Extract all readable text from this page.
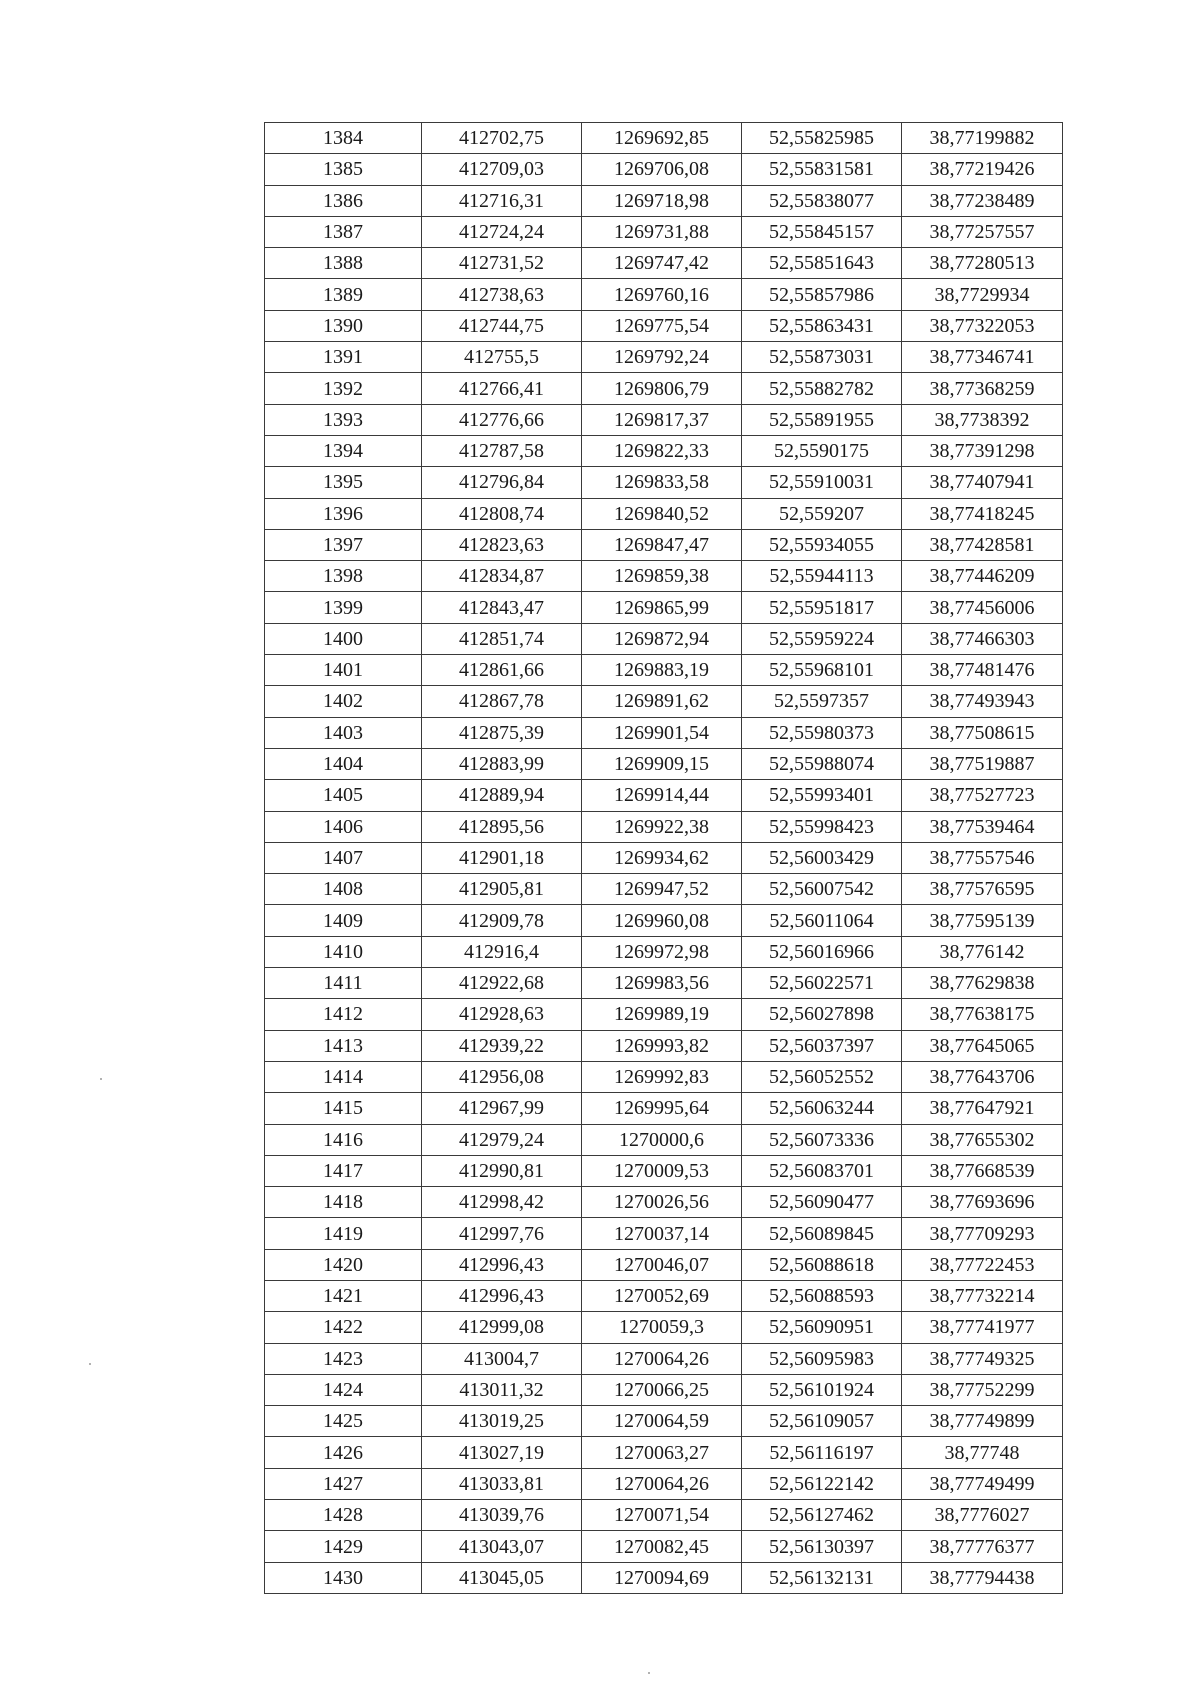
1384	412702,75	1269692,85	52,55825985	38,77199882
1385	412709,03	1269706,08	52,55831581	38,77219426
1386	412716,31	1269718,98	52,55838077	38,77238489
1387	412724,24	1269731,88	52,55845157	38,77257557
1388	412731,52	1269747,42	52,55851643	38,77280513
1389	412738,63	1269760,16	52,55857986	38,7729934
1390	412744,75	1269775,54	52,55863431	38,77322053
1391	412755,5	1269792,24	52,55873031	38,77346741
1392	412766,41	1269806,79	52,55882782	38,77368259
1393	412776,66	1269817,37	52,55891955	38,7738392
1394	412787,58	1269822,33	52,5590175	38,77391298
1395	412796,84	1269833,58	52,55910031	38,77407941
1396	412808,74	1269840,52	52,559207	38,77418245
1397	412823,63	1269847,47	52,55934055	38,77428581
1398	412834,87	1269859,38	52,55944113	38,77446209
1399	412843,47	1269865,99	52,55951817	38,77456006
1400	412851,74	1269872,94	52,55959224	38,77466303
1401	412861,66	1269883,19	52,55968101	38,77481476
1402	412867,78	1269891,62	52,5597357	38,77493943
1403	412875,39	1269901,54	52,55980373	38,77508615
1404	412883,99	1269909,15	52,55988074	38,77519887
1405	412889,94	1269914,44	52,55993401	38,77527723
1406	412895,56	1269922,38	52,55998423	38,77539464
1407	412901,18	1269934,62	52,56003429	38,77557546
1408	412905,81	1269947,52	52,56007542	38,77576595
1409	412909,78	1269960,08	52,56011064	38,77595139
1410	412916,4	1269972,98	52,56016966	38,776142
1411	412922,68	1269983,56	52,56022571	38,77629838
1412	412928,63	1269989,19	52,56027898	38,77638175
1413	412939,22	1269993,82	52,56037397	38,77645065
1414	412956,08	1269992,83	52,56052552	38,77643706
1415	412967,99	1269995,64	52,56063244	38,77647921
1416	412979,24	1270000,6	52,56073336	38,77655302
1417	412990,81	1270009,53	52,56083701	38,77668539
1418	412998,42	1270026,56	52,56090477	38,77693696
1419	412997,76	1270037,14	52,56089845	38,77709293
1420	412996,43	1270046,07	52,56088618	38,77722453
1421	412996,43	1270052,69	52,56088593	38,77732214
1422	412999,08	1270059,3	52,56090951	38,77741977
1423	413004,7	1270064,26	52,56095983	38,77749325
1424	413011,32	1270066,25	52,56101924	38,77752299
1425	413019,25	1270064,59	52,56109057	38,77749899
1426	413027,19	1270063,27	52,56116197	38,77748
1427	413033,81	1270064,26	52,56122142	38,77749499
1428	413039,76	1270071,54	52,56127462	38,7776027
1429	413043,07	1270082,45	52,56130397	38,77776377
1430	413045,05	1270094,69	52,56132131	38,77794438
